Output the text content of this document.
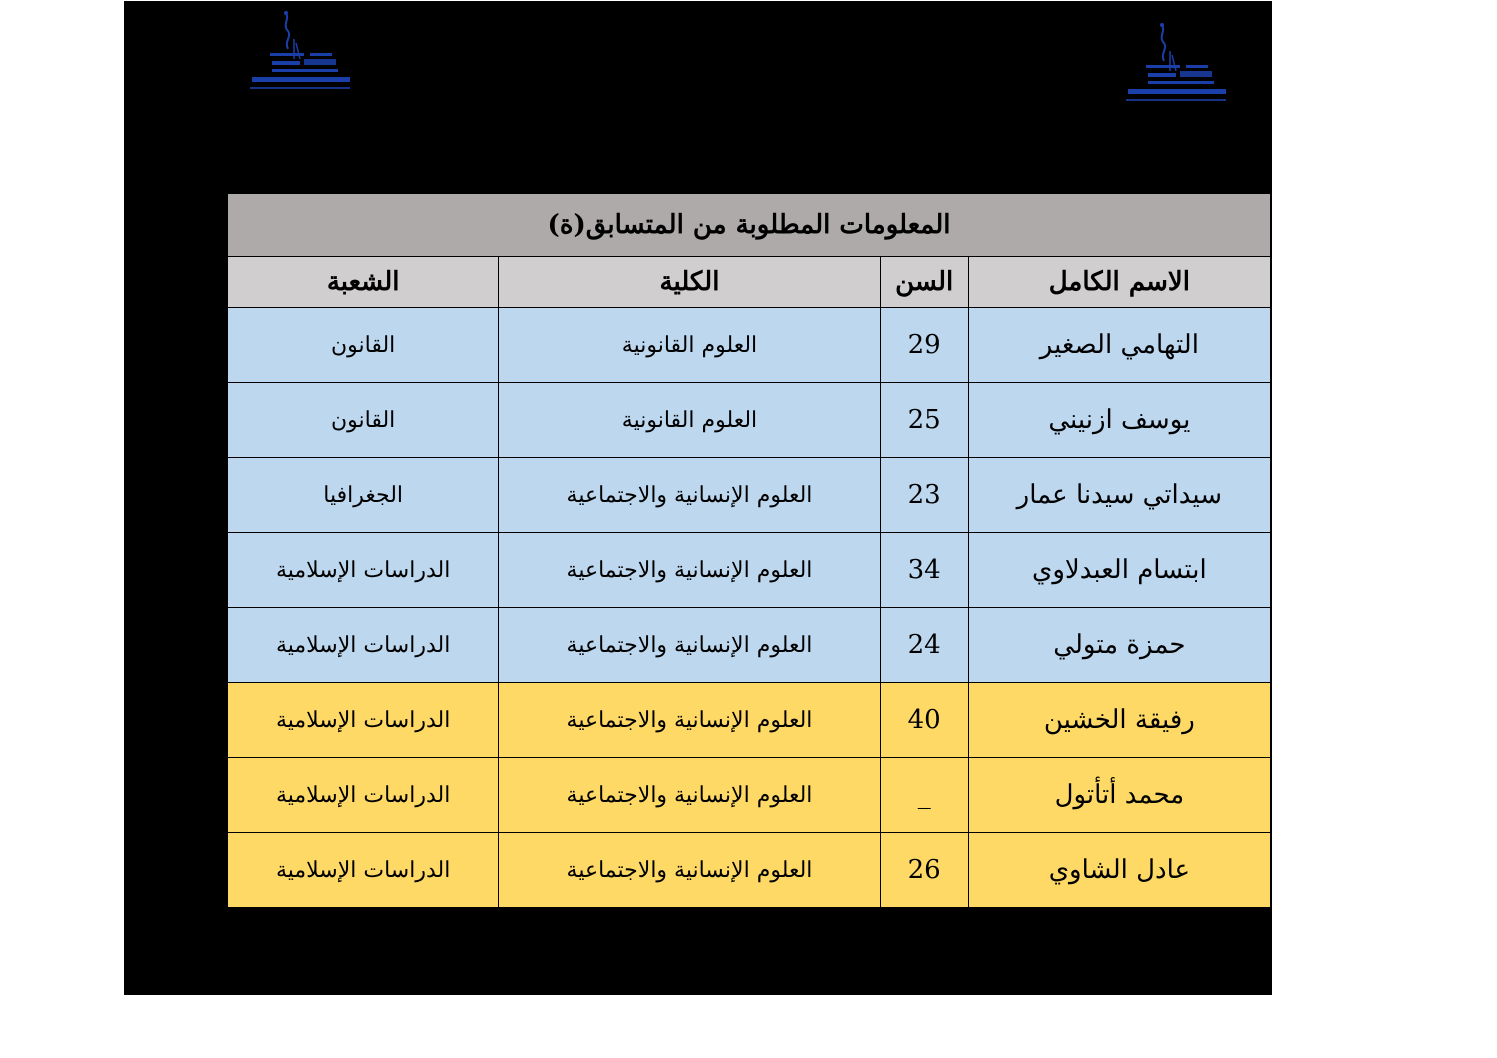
المعلومات المطلوبة من المتسابق(ة)			
الاسم الكامل	السن	الكلية	الشعبة
التهامي الصغير	29	العلوم القانونية	القانون
يوسف ازنيني	25	العلوم القانونية	القانون
سيداتي سيدنا عمار	23	العلوم الإنسانية والاجتماعية	الجغرافيا
ابتسام العبدلاوي	34	العلوم الإنسانية والاجتماعية	الدراسات الإسلامية
حمزة متولي	24	العلوم الإنسانية والاجتماعية	الدراسات الإسلامية
رفيقة الخشين	40	العلوم الإنسانية والاجتماعية	الدراسات الإسلامية
محمد أتأتول	_	العلوم الإنسانية والاجتماعية	الدراسات الإسلامية
عادل الشاوي	26	العلوم الإنسانية والاجتماعية	الدراسات الإسلامية
